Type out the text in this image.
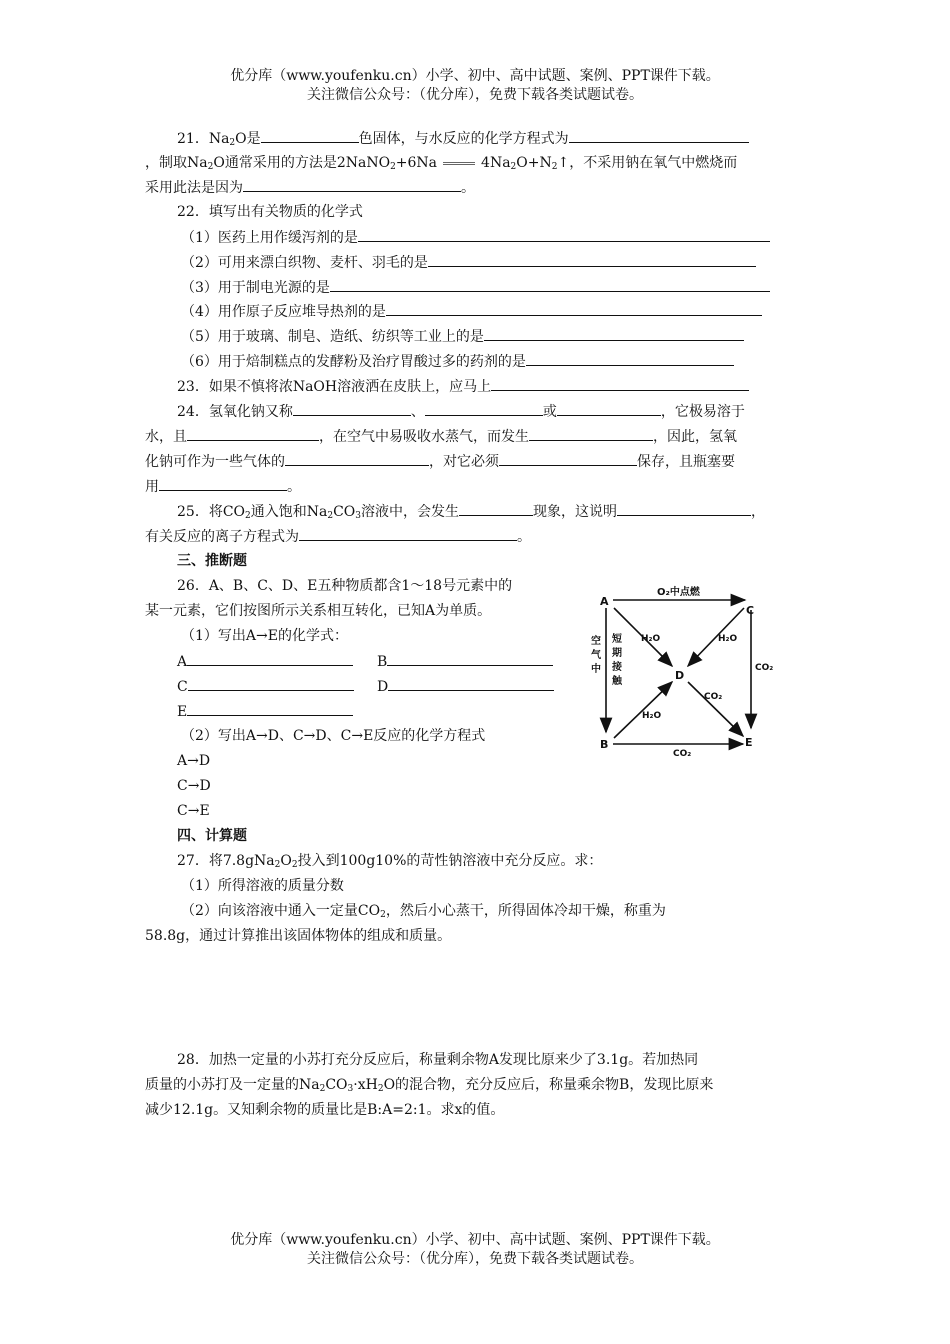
优分库（www.youfenku.cn）小学、初中、高中试题、案例、PPT课件下载。
关注微信公众号：（优分库），免费下载各类试题试卷。
21．$Na_2O$是	色固体，与水反应的化学方程式为
，制取$Na_2O$通常采用的方法是2NaNO$_2$+6Na	$4Na_2O+N_2↑$，不采用钠在氧气中燃烧而
采用此法是因为	。
22．填写出有关物质的化学式
（1）医药上用作缓泻剂的是
（2）可用来漂白织物、麦杆、羽毛的是
（3）用于制电光源的是
（4）用作原子反应堆导热剂的是
（5）用于玻璃、制皂、造纸、纺织等工业上的是
（6）用于焙制糕点的发酵粉及治疗胃酸过多的药剂的是
23．如果不慎将浓NaOH溶液洒在皮肤上，应马上
24．氢氧化钠又称	、	或	，它极易溶于
水，且	，在空气中易吸收水蒸气，而发生	，因此，氢氧
化钠可作为一些气体的	，对它必须	保存，且瓶塞要
用	。
25．将$CO_2$通入饱和$Na_2CO_3$溶液中，会发生	现象，这说明	，
有关反应的离子方程式为	。
三、推断题
26．A、B、C、D、E五种物质都含1～18号元素中的
某一元素，它们按图所示关系相互转化，已知A为单质。
（1）写出A→E的化学式：
A	B
C	D
E
（2）写出A→D、C→D、C→E反应的化学方程式
A→D
C→D
C→E
A
C
B	E
D
O₂中点燃
空
气
中
短
期
接
触
H₂O	H₂O
H₂O
CO₂
CO₂
CO₂
四、计算题
27．将$7.8gNa_2O_2$投入到100g10%的苛性钠溶液中充分反应。求：
（1）所得溶液的质量分数
（2）向该溶液中通入一定量$CO_2$，然后小心蒸干，所得固体冷却干燥，称重为
58.8g，通过计算推出该固体物体的组成和质量。
28．加热一定量的小苏打充分反应后，称量剩余物A发现比原来少了3.1g。若加热同
质量的小苏打及一定量的$Na_2CO_3\cdot xH_2O$的混合物，充分反应后，称量乘余物B，发现比原来
减少12.1g。又知剩余物的质量比是B:A=2:1。求x的值。
优分库（www.youfenku.cn）小学、初中、高中试题、案例、PPT课件下载。
关注微信公众号：（优分库），免费下载各类试题试卷。
